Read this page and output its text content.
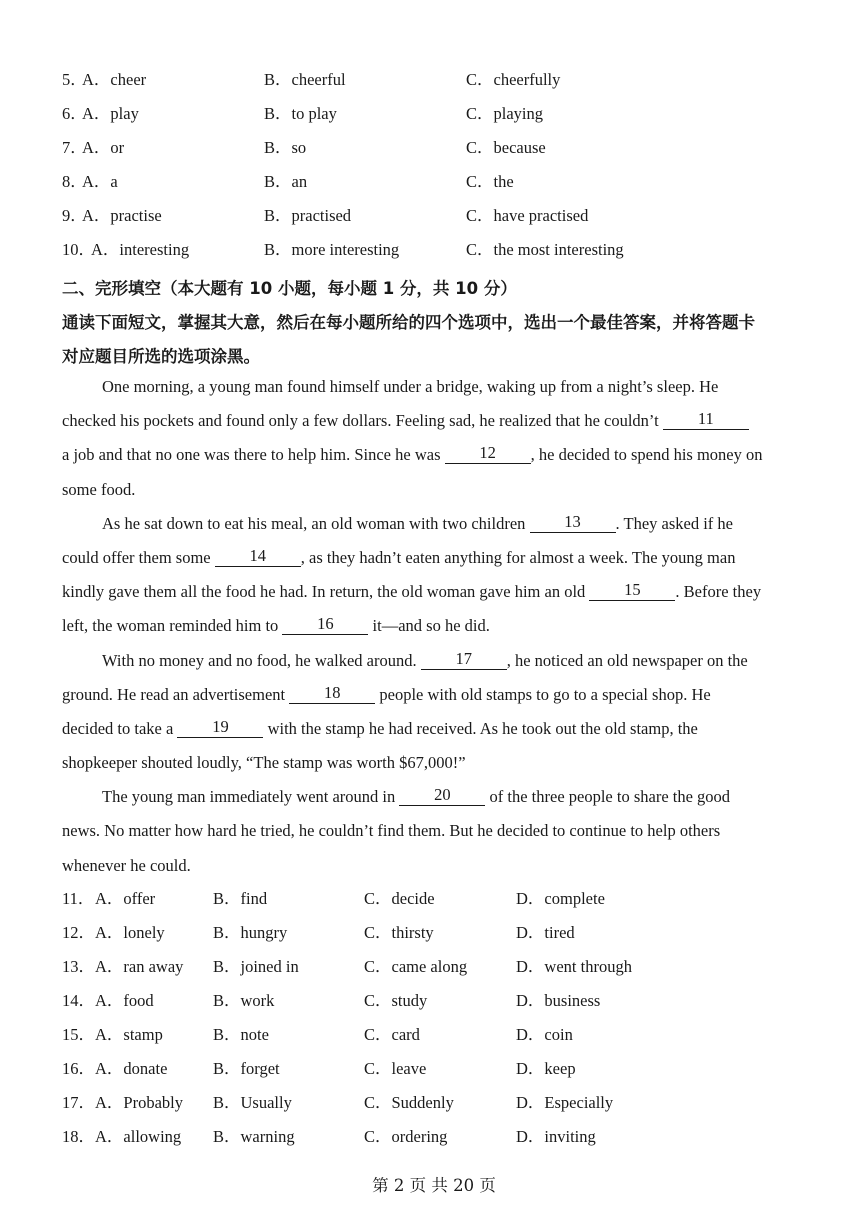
5．
A．cheer	B．cheerful	C．cheerfully
6．
A．play	B．to play	C．playing
7．
A．or	B．so	C．because
8．
A．a	B．an	C．the
9．
A．practise	B．practised	C．have practised
10．
A．interesting	B．more interesting	C．the most interesting
二、完形填空（本大题有 10 小题，每小题 1 分，共 10 分）
通读下面短文，掌握其大意，然后在每小题所给的四个选项中，选出一个最佳答案，并将答题卡
对应题目所选的选项涂黑。
One morning, a young man found himself under a bridge, waking up from a night’s sleep. He
checked his pockets and found only a few dollars. Feeling sad, he realized that he couldn’t 11
a job and that no one was there to help him. Since he was 12 , he decided to spend his money on
some food.
As he sat down to eat his meal, an old woman with two children 13 . They asked if he
could offer them some 14 , as they hadn’t eaten anything for almost a week. The young man
kindly gave them all the food he had. In return, the old woman gave him an old 15 . Before they
left, the woman reminded him to 16 it—and so he did.
With no money and no food, he walked around. 17 , he noticed an old newspaper on the
ground. He read an advertisement 18 people with old stamps to go to a special shop. He
decided to take a 19 with the stamp he had received. As he took out the old stamp, the
shopkeeper shouted loudly, “The stamp was worth $67,000!”
The young man immediately went around in 20 of the three people to share the good
news. No matter how hard he tried, he couldn’t find them. But he decided to continue to help others
whenever he could.
11． A．offer	B．find	C．decide	D．complete
12． A．lonely	B．hungry	C．thirsty	D．tired
13． A．ran away B．joined in	C．came along	D．went through
14． A．food	B．work	C．study	D．business
15． A．stamp	B．note	C．card	D．coin
16． A．donate	B．forget	C．leave	D．keep
17． A．Probably B．Usually	C．Suddenly	D．Especially
18． A．allowing B．warning	C．ordering	D．inviting
第 2 页 共 20 页
